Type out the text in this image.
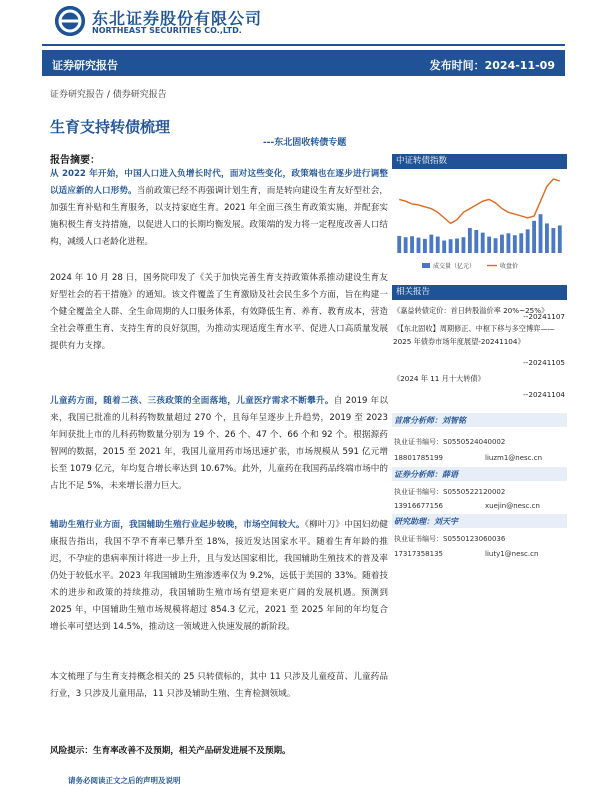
东北证券股份有限公司
NORTHEAST SECURITIES CO.,LTD.
证券研究报告	发布时间：2024-11-09
证券研究报告 / 债券研究报告
生育支持转债梳理
---东北固收转债专题
报告摘要：
从 2022 年开始，中国人口进入负增长时代，面对这些变化，政策端也在逐步进行调整以适应新的人口形势。当前政策已经不再强调计划生育，而是转向建设生育友好型社会，加强生育补贴和生育服务，以支持家庭生育。2021 年全面三孩生育政策实施，并配套实施积极生育支持措施，以促进人口的长期均衡发展。政策端的发力将一定程度改善人口结构，减缓人口老龄化进程。
2024 年 10 月 28 日，国务院印发了《关于加快完善生育支持政策体系推动建设生育友好型社会的若干措施》的通知。该文件覆盖了生育激励及社会民生多个方面，旨在构建一个健全覆盖全人群、全生命周期的人口服务体系，有效降低生育、养育、教育成本，营造全社会尊重生育、支持生育的良好氛围，为推动实现适度生育水平、促进人口高质量发展提供有力支撑。
儿童药方面，随着二孩、三孩政策的全面落地，儿童医疗需求不断攀升。自 2019 年以来，我国已批准的儿科药物数量超过 270 个，且每年呈逐步上升趋势，2019 至 2023 年间获批上市的儿科药物数量分别为 19 个、26 个、47 个、66 个和 92 个。根据源药智网的数据，2015 至 2021 年，我国儿童用药市场迅速扩张，市场规模从 591 亿元增长至 1079 亿元，年均复合增长率达到 10.67%。此外，儿童药在我国药品终端市场中的占比不足 5%，未来增长潜力巨大。
辅助生殖行业方面，我国辅助生殖行业起步较晚，市场空间较大。《柳叶刀》中国妇幼健康报告指出，我国不孕不育率已攀升至 18%，接近发达国家水平。随着生育年龄的推迟，不孕症的患病率预计将进一步上升，且与发达国家相比，我国辅助生殖技术的普及率仍处于较低水平。2023 年我国辅助生殖渗透率仅为 9.2%，远低于美国的 33%。随着技术的进步和政策的持续推动，我国辅助生殖市场有望迎来更广阔的发展机遇。预测到 2025 年，中国辅助生殖市场规模将超过 854.3 亿元，2021 至 2025 年间的年均复合增长率可望达到 14.5%，推动这一领域进入快速发展的新阶段。
本文梳理了与生育支持概念相关的 25 只转债标的，其中 11 只涉及儿童疫苗、儿童药品行业，3 只涉及儿童用品，11 只涉及辅助生殖、生育检测领域。
风险提示：生育率改善不及预期，相关产品研发进展不及预期。
请务必阅读正文之后的声明及说明
中证转债指数
成交量（亿元）	收盘价
相关报告
《嘉益转债定价：首日转股溢价率 20%~25%》
--20241107
《【东北固收】周期修正、中枢下移与多空博弈——2025 年债券市场年度展望-20241104》
--20241105
《2024 年 11 月十大转债》
--20241104
首席分析师：刘智铭
执业证书编号：S0550524040002
18801785199	liuzm1@nesc.cn
证券分析师：薛语
执业证书编号：S0550522120002
13916677156	xuejin@nesc.cn
研究助理：刘天宇
执业证书编号：S0550123060036
17317358135	liuty1@nesc.cn
